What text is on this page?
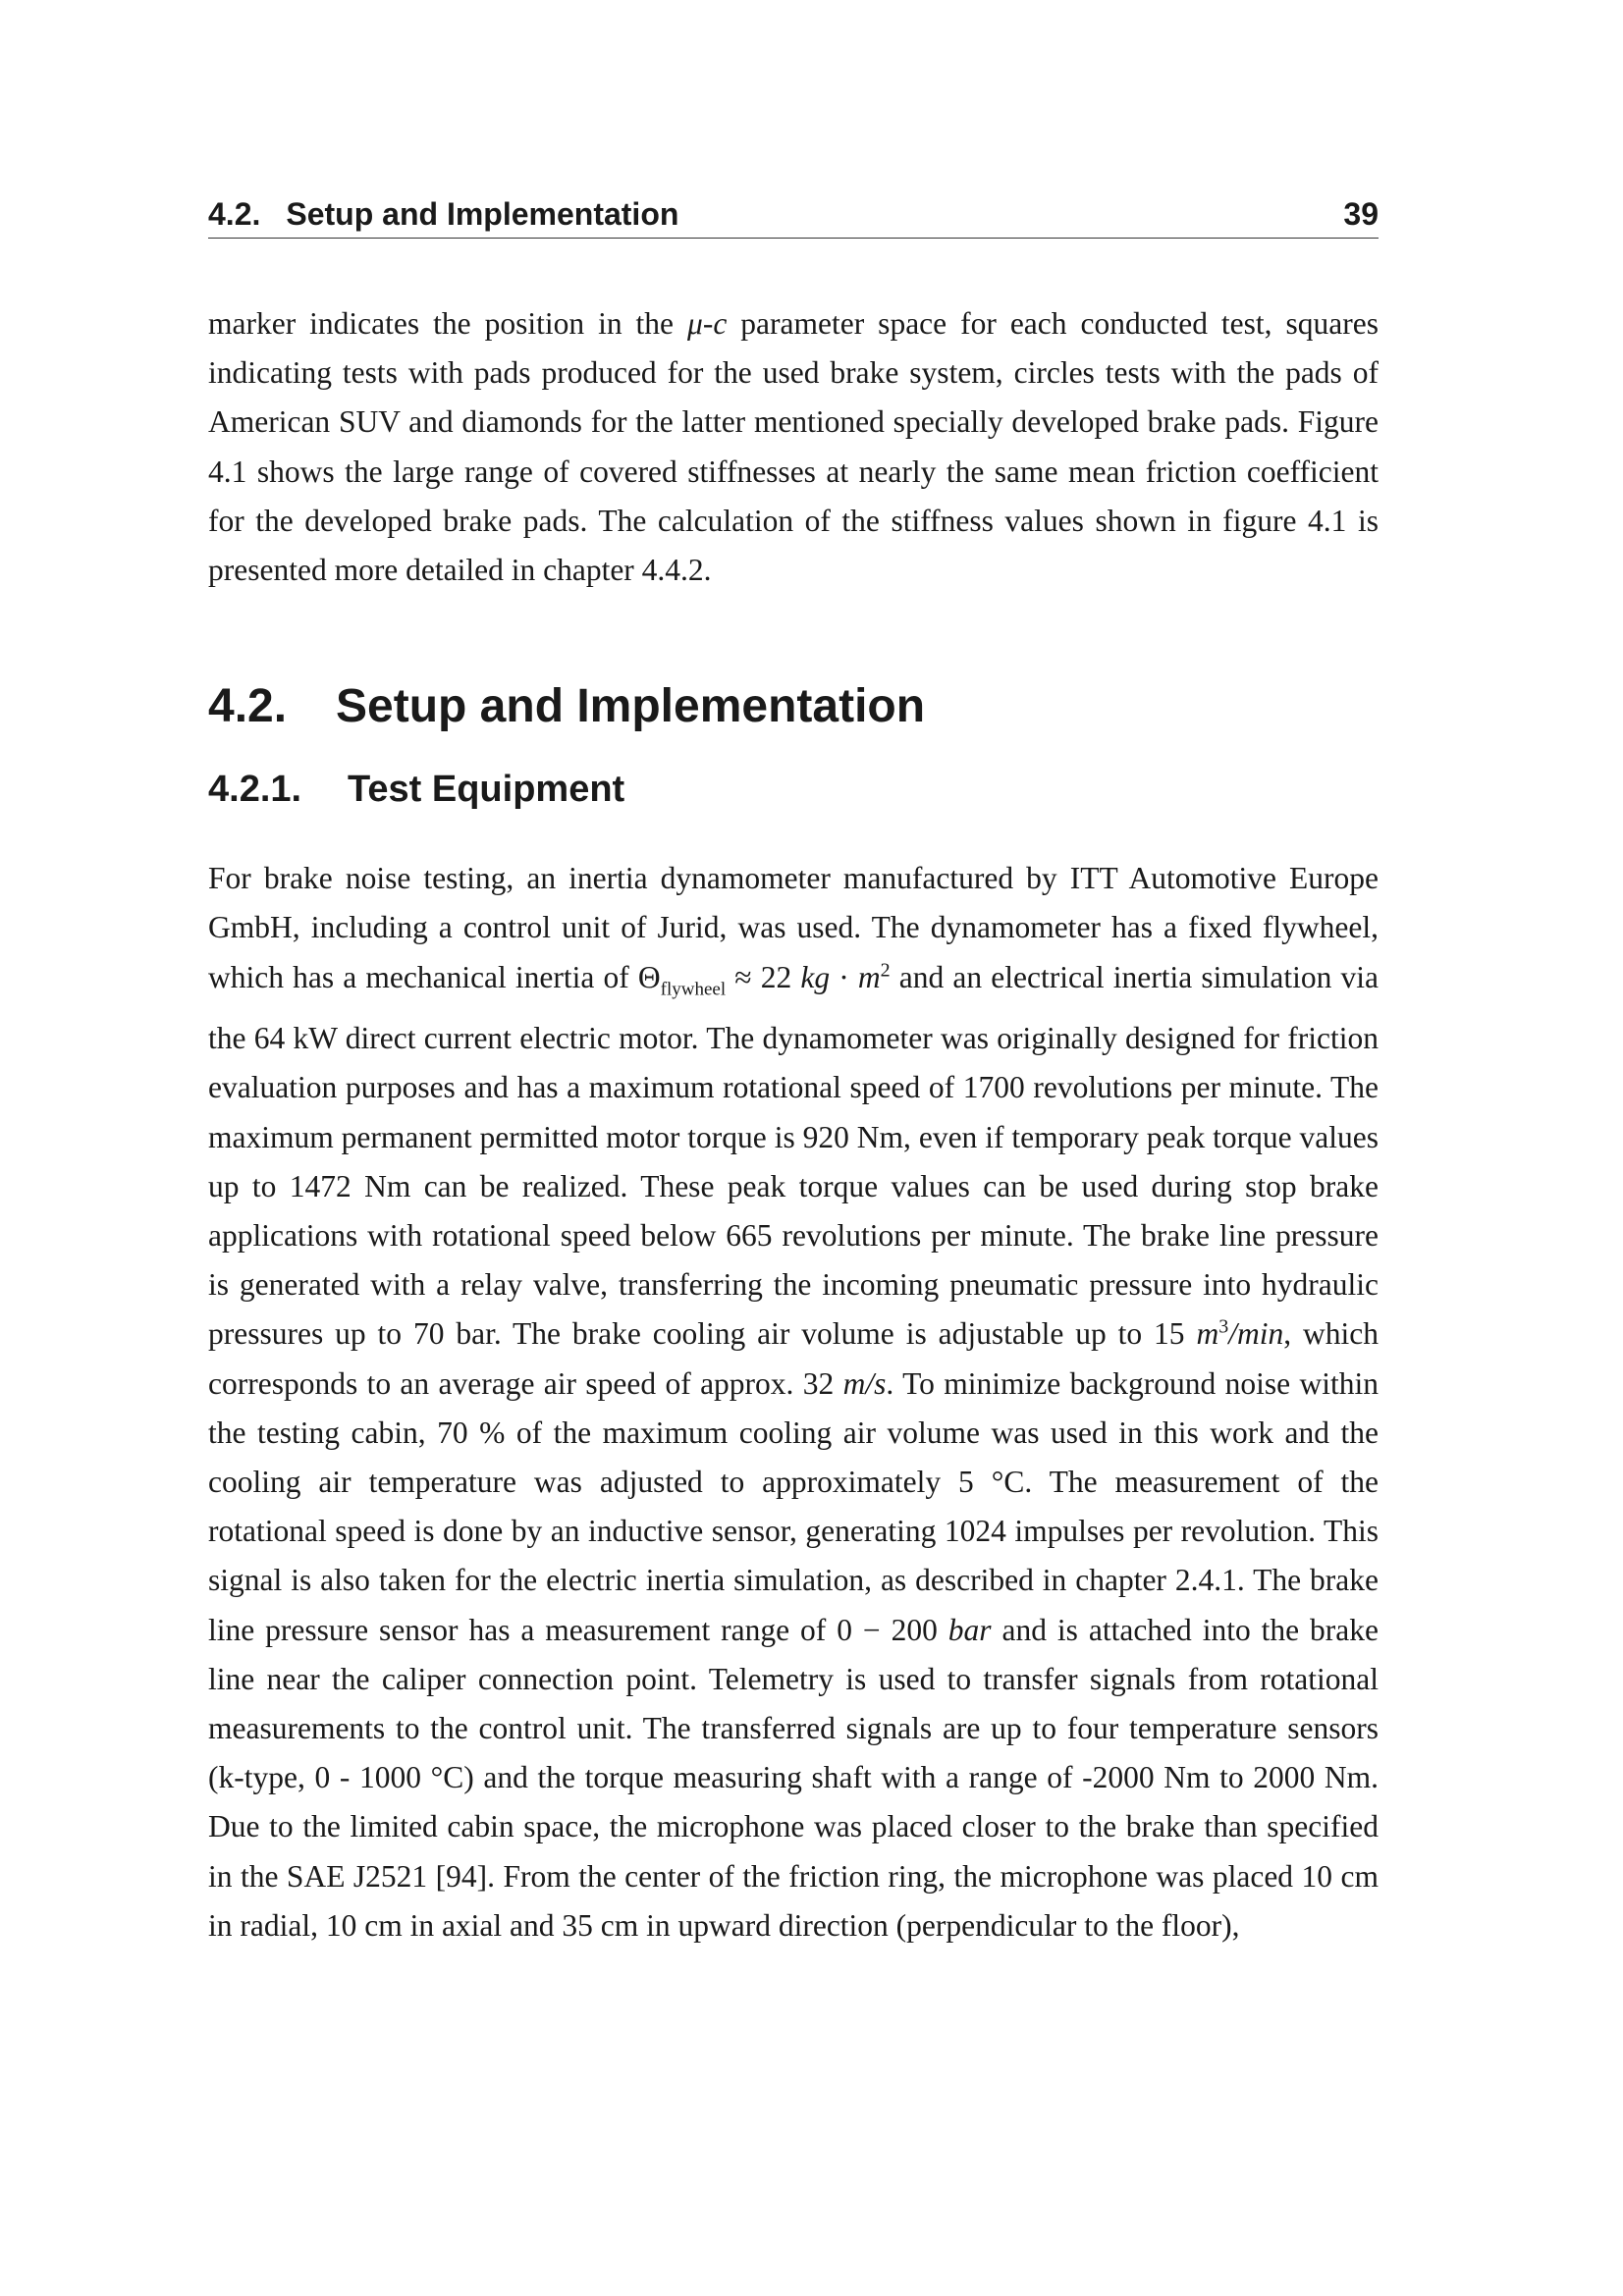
4.2. Setup and Implementation	39

marker indicates the position in the μ-c parameter space for each conducted test, squares indicating tests with pads produced for the used brake system, circles tests with the pads of American SUV and diamonds for the latter mentioned specially developed brake pads. Figure 4.1 shows the large range of covered stiffnesses at nearly the same mean friction coefficient for the developed brake pads. The calculation of the stiffness values shown in figure 4.1 is presented more detailed in chapter 4.4.2.

4.2. Setup and Implementation
4.2.1. Test Equipment

For brake noise testing, an inertia dynamometer manufactured by ITT Automotive Europe GmbH, including a control unit of Jurid, was used. The dynamometer has a fixed flywheel, which has a mechanical inertia of $\Theta_{flywheel} \approx 22$ kg · $m^2$ and an electrical inertia simulation via the 64 kW direct current electric motor. The dynamometer was originally designed for friction evaluation purposes and has a maximum rotational speed of 1700 revolutions per minute. The maximum permanent permitted motor torque is 920 Nm, even if temporary peak torque values up to 1472 Nm can be realized. These peak torque values can be used during stop brake applications with rotational speed below 665 revolutions per minute. The brake line pressure is generated with a relay valve, transferring the incoming pneumatic pressure into hydraulic pressures up to 70 bar. The brake cooling air volume is adjustable up to 15 $m^3/\min$, which corresponds to an average air speed of approx. 32 m/s. To minimize background noise within the testing cabin, 70 % of the maximum cooling air volume was used in this work and the cooling air temperature was adjusted to approximately 5 °C. The measurement of the rotational speed is done by an inductive sensor, generating 1024 impulses per revolution. This signal is also taken for the electric inertia simulation, as described in chapter 2.4.1. The brake line pressure sensor has a measurement range of 0 − 200 bar and is attached into the brake line near the caliper connection point. Telemetry is used to transfer signals from rotational measurements to the control unit. The transferred signals are up to four temperature sensors (k-type, 0 - 1000 °C) and the torque measuring shaft with a range of -2000 Nm to 2000 Nm. Due to the limited cabin space, the microphone was placed closer to the brake than specified in the SAE J2521 [94]. From the center of the friction ring, the microphone was placed 10 cm in radial, 10 cm in axial and 35 cm in upward direction (perpendicular to the floor),
